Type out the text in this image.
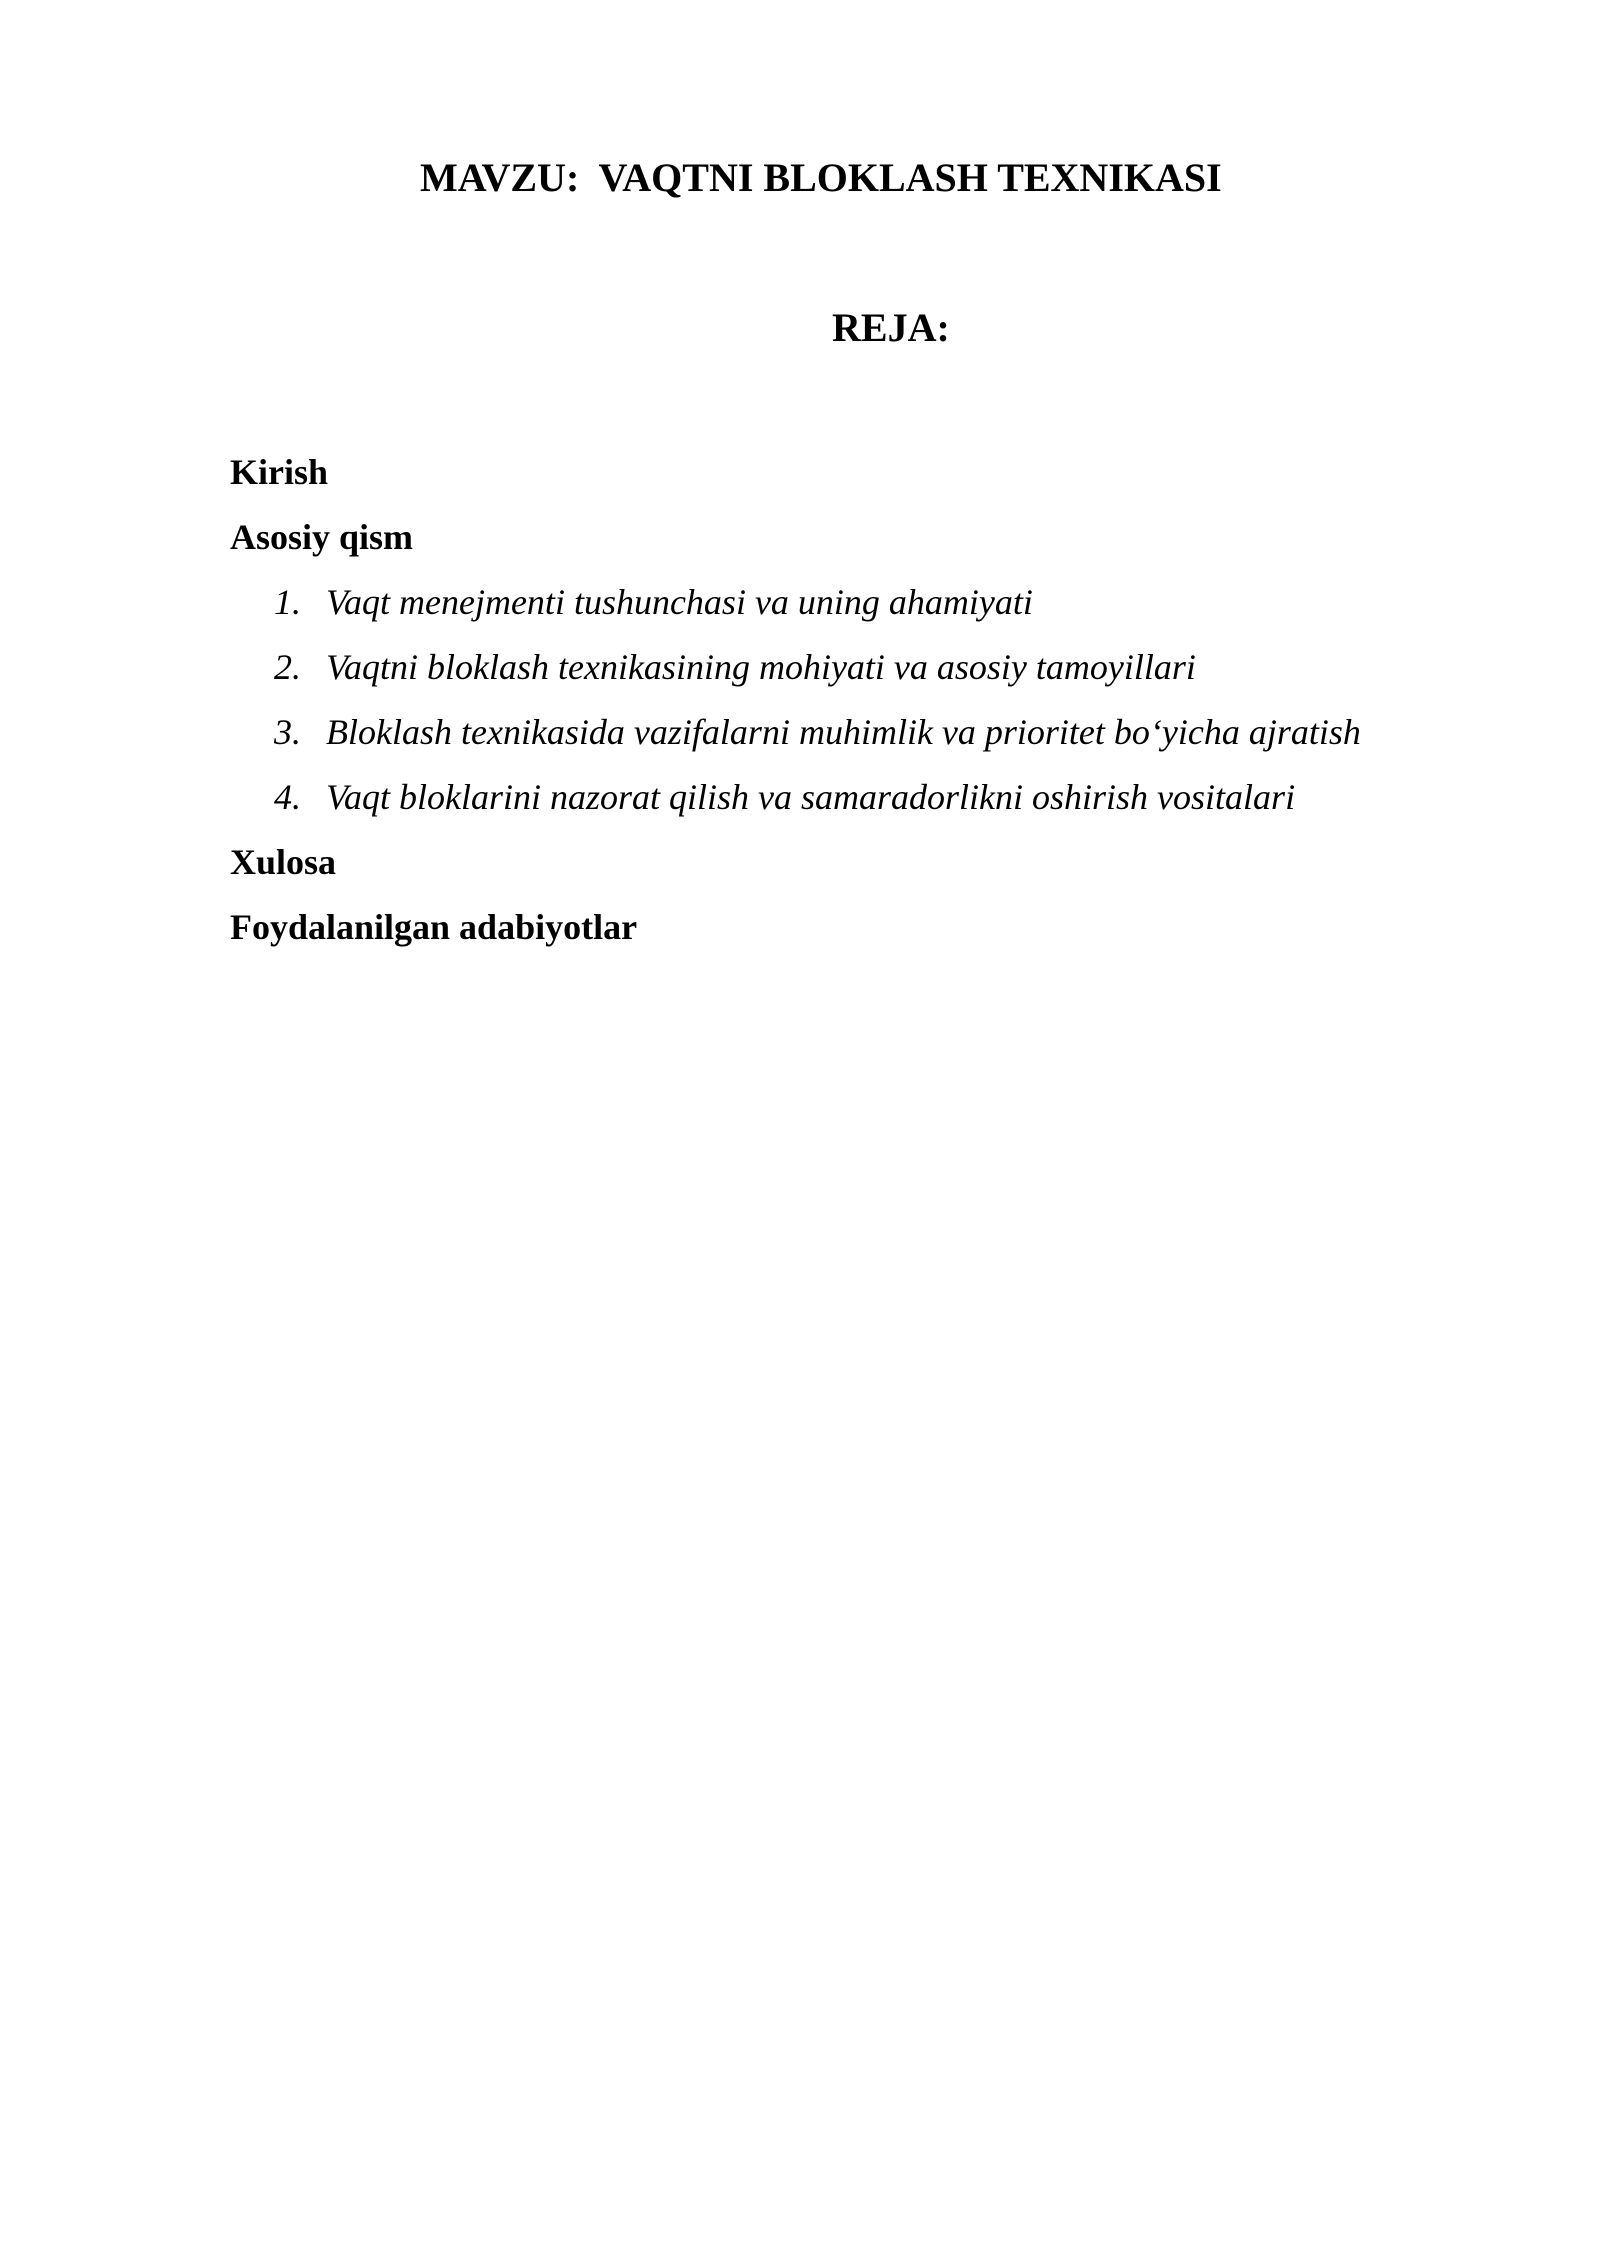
MAVZU:  VAQTNI BLOKLASH TEXNIKASI
REJA:
Kirish
Asosiy qism
1. Vaqt menejmenti tushunchasi va uning ahamiyati
2. Vaqtni bloklash texnikasining mohiyati va asosiy tamoyillari
3. Bloklash texnikasida vazifalarni muhimlik va prioritet bo‘yicha ajratish
4. Vaqt bloklarini nazorat qilish va samaradorlikni oshirish vositalari
Xulosa
Foydalanilgan adabiyotlar
